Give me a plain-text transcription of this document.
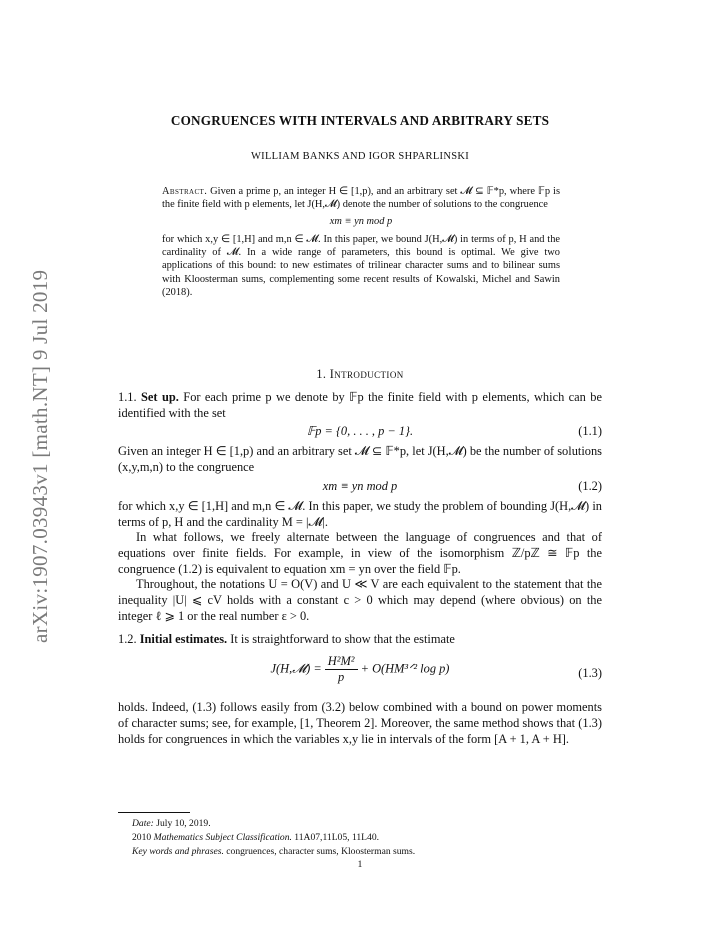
arXiv:1907.03943v1 [math.NT] 9 Jul 2019
CONGRUENCES WITH INTERVALS AND ARBITRARY SETS
WILLIAM BANKS AND IGOR SHPARLINSKI

Abstract. Given a prime p, an integer H ∈ [1,p), and an arbitrary set 𝓜 ⊆ 𝔽*p, where 𝔽p is the finite field with p elements, let J(H,𝓜) denote the number of solutions to the congruence

xm ≡ yn mod p

for which x,y ∈ [1,H] and m,n ∈ 𝓜. In this paper, we bound J(H,𝓜) in terms of p, H and the cardinality of 𝓜. In a wide range of parameters, this bound is optimal. We give two applications of this bound: to new estimates of trilinear character sums and to bilinear sums with Kloosterman sums, complementing some recent results of Kowalski, Michel and Sawin (2018).

1. Introduction

1.1. Set up. For each prime p we denote by 𝔽p the finite field with p elements, which can be identified with the set

𝔽p = {0, . . . , p − 1}.	(1.1)

Given an integer H ∈ [1,p) and an arbitrary set 𝓜 ⊆ 𝔽*p, let J(H,𝓜) be the number of solutions (x,y,m,n) to the congruence

xm ≡ yn mod p	(1.2)

for which x,y ∈ [1,H] and m,n ∈ 𝓜. In this paper, we study the problem of bounding J(H,𝓜) in terms of p, H and the cardinality M = |𝓜|.

In what follows, we freely alternate between the language of congruences and that of equations over finite fields. For example, in view of the isomorphism ℤ/pℤ ≅ 𝔽p the congruence (1.2) is equivalent to equation xm = yn over the field 𝔽p.

Throughout, the notations U = O(V) and U ≪ V are each equivalent to the statement that the inequality |U| ⩽ cV holds with a constant c > 0 which may depend (where obvious) on the integer ℓ ⩾ 1 or the real number ε > 0.

1.2. Initial estimates. It is straightforward to show that the estimate

J(H,𝓜) = $\frac{\text{H²M²}}{p}$ + O(HM³ᐟ² log p)	(1.3)

holds. Indeed, (1.3) follows easily from (3.2) below combined with a bound on power moments of character sums; see, for example, [1, Theorem 2]. Moreover, the same method shows that (1.3) holds for congruences in which the variables x,y lie in intervals of the form [A + 1, A + H].

Date: July 10, 2019.

2010 Mathematics Subject Classification. 11A07,11L05, 11L40.

Key words and phrases. congruences, character sums, Kloosterman sums.

1
